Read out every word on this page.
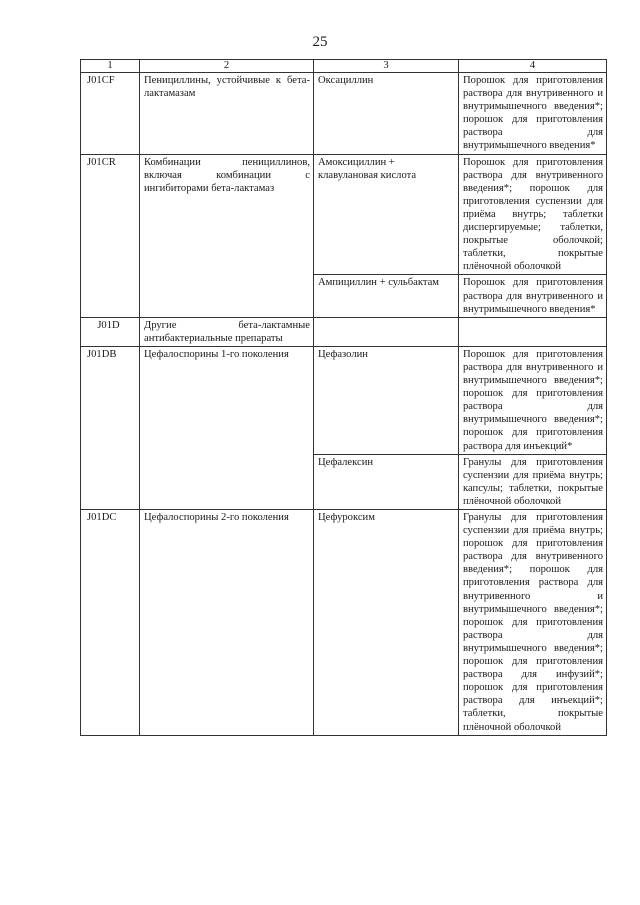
25
1	2	3	4
J01CF	Пенициллины, устойчивые к бета-лактамазам	Оксациллин	Порошок для приготовления раствора для внутривенного и внутримышечного введения*; порошок для приготовления раствора для внутримышечного введения*
J01CR	Комбинации пенициллинов, включая комбинации с ингибиторами бета-лактамаз	Амоксициллин + клавулановая кислота	Порошок для приготовления раствора для внутривенного введения*; порошок для приготовления суспензии для приёма внутрь; таблетки диспергируемые; таблетки, покрытые оболочкой; таблетки, покрытые плёночной оболочкой
		Ампициллин + сульбактам	Порошок для приготовления раствора для внутривенного и внутримышечного введения*
J01D	Другие бета-лактамные антибактериальные препараты		
J01DB	Цефалоспорины 1-го поколения	Цефазолин	Порошок для приготовления раствора для внутривенного и внутримышечного введения*; порошок для приготовления раствора для внутримышечного введения*; порошок для приготовления раствора для инъекций*
		Цефалексин	Гранулы для приготовления суспензии для приёма внутрь; капсулы; таблетки, покрытые плёночной оболочкой
J01DC	Цефалоспорины 2-го поколения	Цефуроксим	Гранулы для приготовления суспензии для приёма внутрь; порошок для приготовления раствора для внутривенного введения*; порошок для приготовления раствора для внутривенного и внутримышечного введения*; порошок для приготовления раствора для внутримышечного введения*; порошок для приготовления раствора для инфузий*; порошок для приготовления раствора для инъекций*; таблетки, покрытые плёночной оболочкой
